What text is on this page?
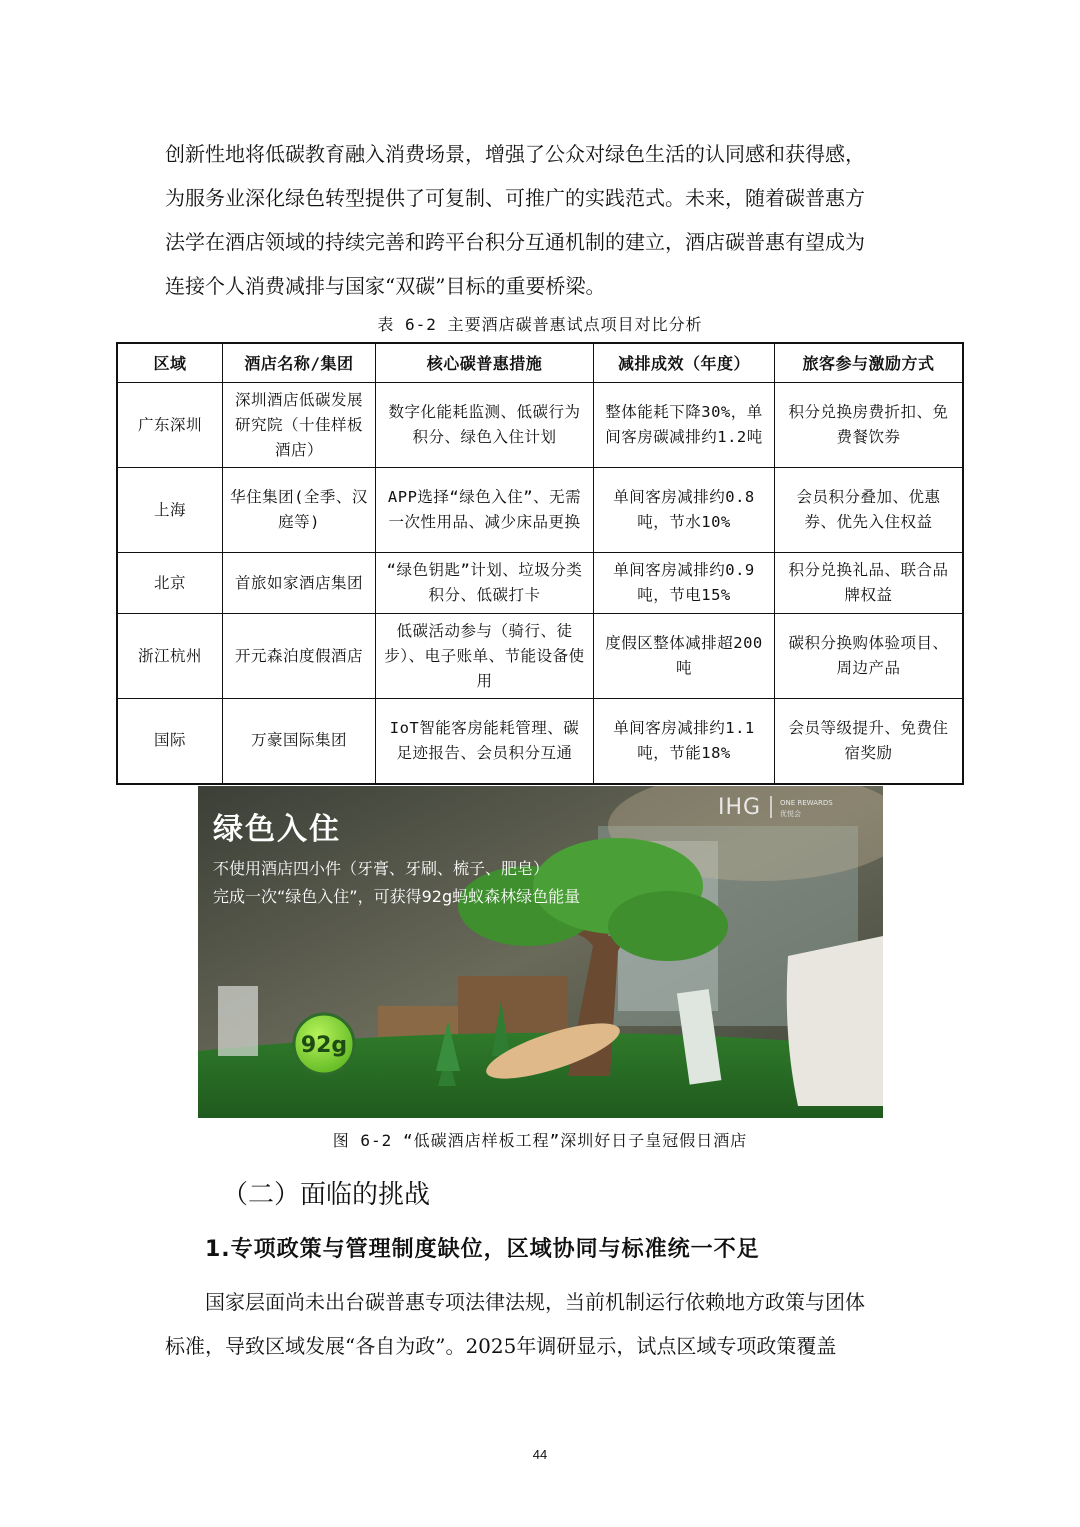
创新性地将低碳教育融入消费场景，增强了公众对绿色生活的认同感和获得感，
为服务业深化绿色转型提供了可复制、可推广的实践范式。未来，随着碳普惠方
法学在酒店领域的持续完善和跨平台积分互通机制的建立，酒店碳普惠有望成为
连接个人消费减排与国家“双碳”目标的重要桥梁。

表 6-2 主要酒店碳普惠试点项目对比分析

区域	酒店名称/集团	核心碳普惠措施	减排成效（年度）	旅客参与激励方式
广东深圳	深圳酒店低碳发展研究院（十佳样板酒店）	数字化能耗监测、低碳行为积分、绿色入住计划	整体能耗下降30%，单间客房碳减排约1.2吨	积分兑换房费折扣、免费餐饮券
上海	华住集团(全季、汉庭等)	APP选择“绿色入住”、无需一次性用品、减少床品更换	单间客房减排约0.8吨，节水10%	会员积分叠加、优惠券、优先入住权益
北京	首旅如家酒店集团	“绿色钥匙”计划、垃圾分类积分、低碳打卡	单间客房减排约0.9吨，节电15%	积分兑换礼品、联合品牌权益
浙江杭州	开元森泊度假酒店	低碳活动参与（骑行、徒步）、电子账单、节能设备使用	度假区整体减排超200吨	碳积分换购体验项目、周边产品
国际	万豪国际集团	IoT智能客房能耗管理、碳足迹报告、会员积分互通	单间客房减排约1.1吨，节能18%	会员等级提升、免费住宿奖励
92g
IHG	ONE REWARDS
优悦会
绿色入住
不使用酒店四小件（牙膏、牙刷、梳子、肥皂）
完成一次“绿色入住”，可获得92g蚂蚁森林绿色能量

图 6-2 “低碳酒店样板工程”深圳好日子皇冠假日酒店

（二）面临的挑战
1.专项政策与管理制度缺位，区域协同与标准统一不足
国家层面尚未出台碳普惠专项法律法规，当前机制运行依赖地方政策与团体
标准，导致区域发展“各自为政”。2025年调研显示，试点区域专项政策覆盖
44
